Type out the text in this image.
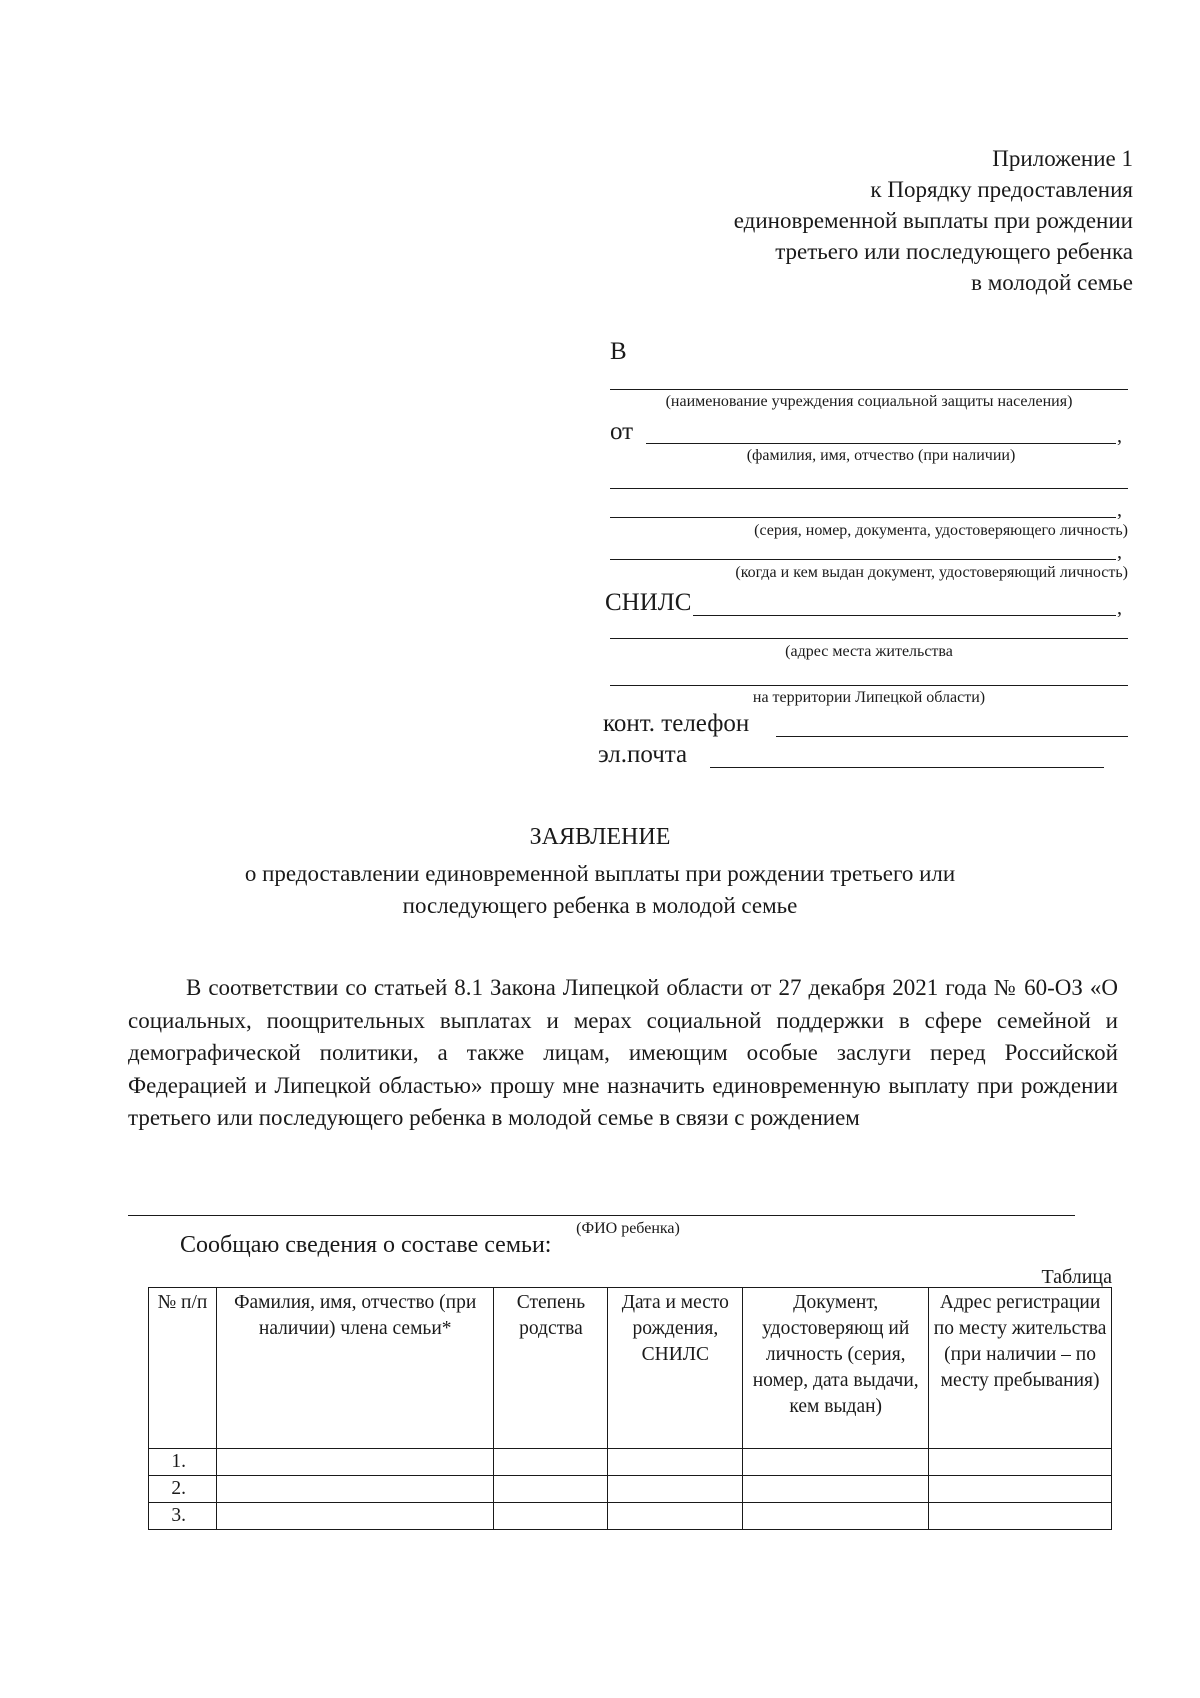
Приложение 1
к Порядку предоставления
единовременной выплаты при рождении
третьего или последующего ребенка
в молодой семье
В
(наименование учреждения социальной защиты населения)
от	,
(фамилия, имя, отчество (при наличии)
,
(серия, номер, документа, удостоверяющего личность)
,
(когда и кем выдан документ, удостоверяющий личность)
СНИЛС	,
(адрес места жительства
на территории Липецкой области)
конт. телефон
эл.почта
ЗАЯВЛЕНИЕ
о предоставлении единовременной выплаты при рождении третьего или
последующего ребенка в молодой семье
В соответствии со статьей 8.1 Закона Липецкой области от 27 декабря 2021 года № 60-ОЗ «О социальных, поощрительных выплатах и мерах социальной поддержки в сфере семейной и демографической политики, а также лицам, имеющим особые заслуги перед Российской Федерацией и Липецкой областью» прошу мне назначить единовременную выплату при рождении третьего или последующего ребенка в молодой семье в связи с рождением
(ФИО ребенка)
Сообщаю сведения о составе семьи:
Таблица
№ п/п	Фамилия, имя, отчество (при наличии) члена семьи*	Степень родства	Дата и место рождения, СНИЛС	Документ, удостоверяющ ий личность (серия, номер, дата выдачи, кем выдан)	Адрес регистрации по месту жительства (при наличии – по месту пребывания)
1.					
2.					
3.					
